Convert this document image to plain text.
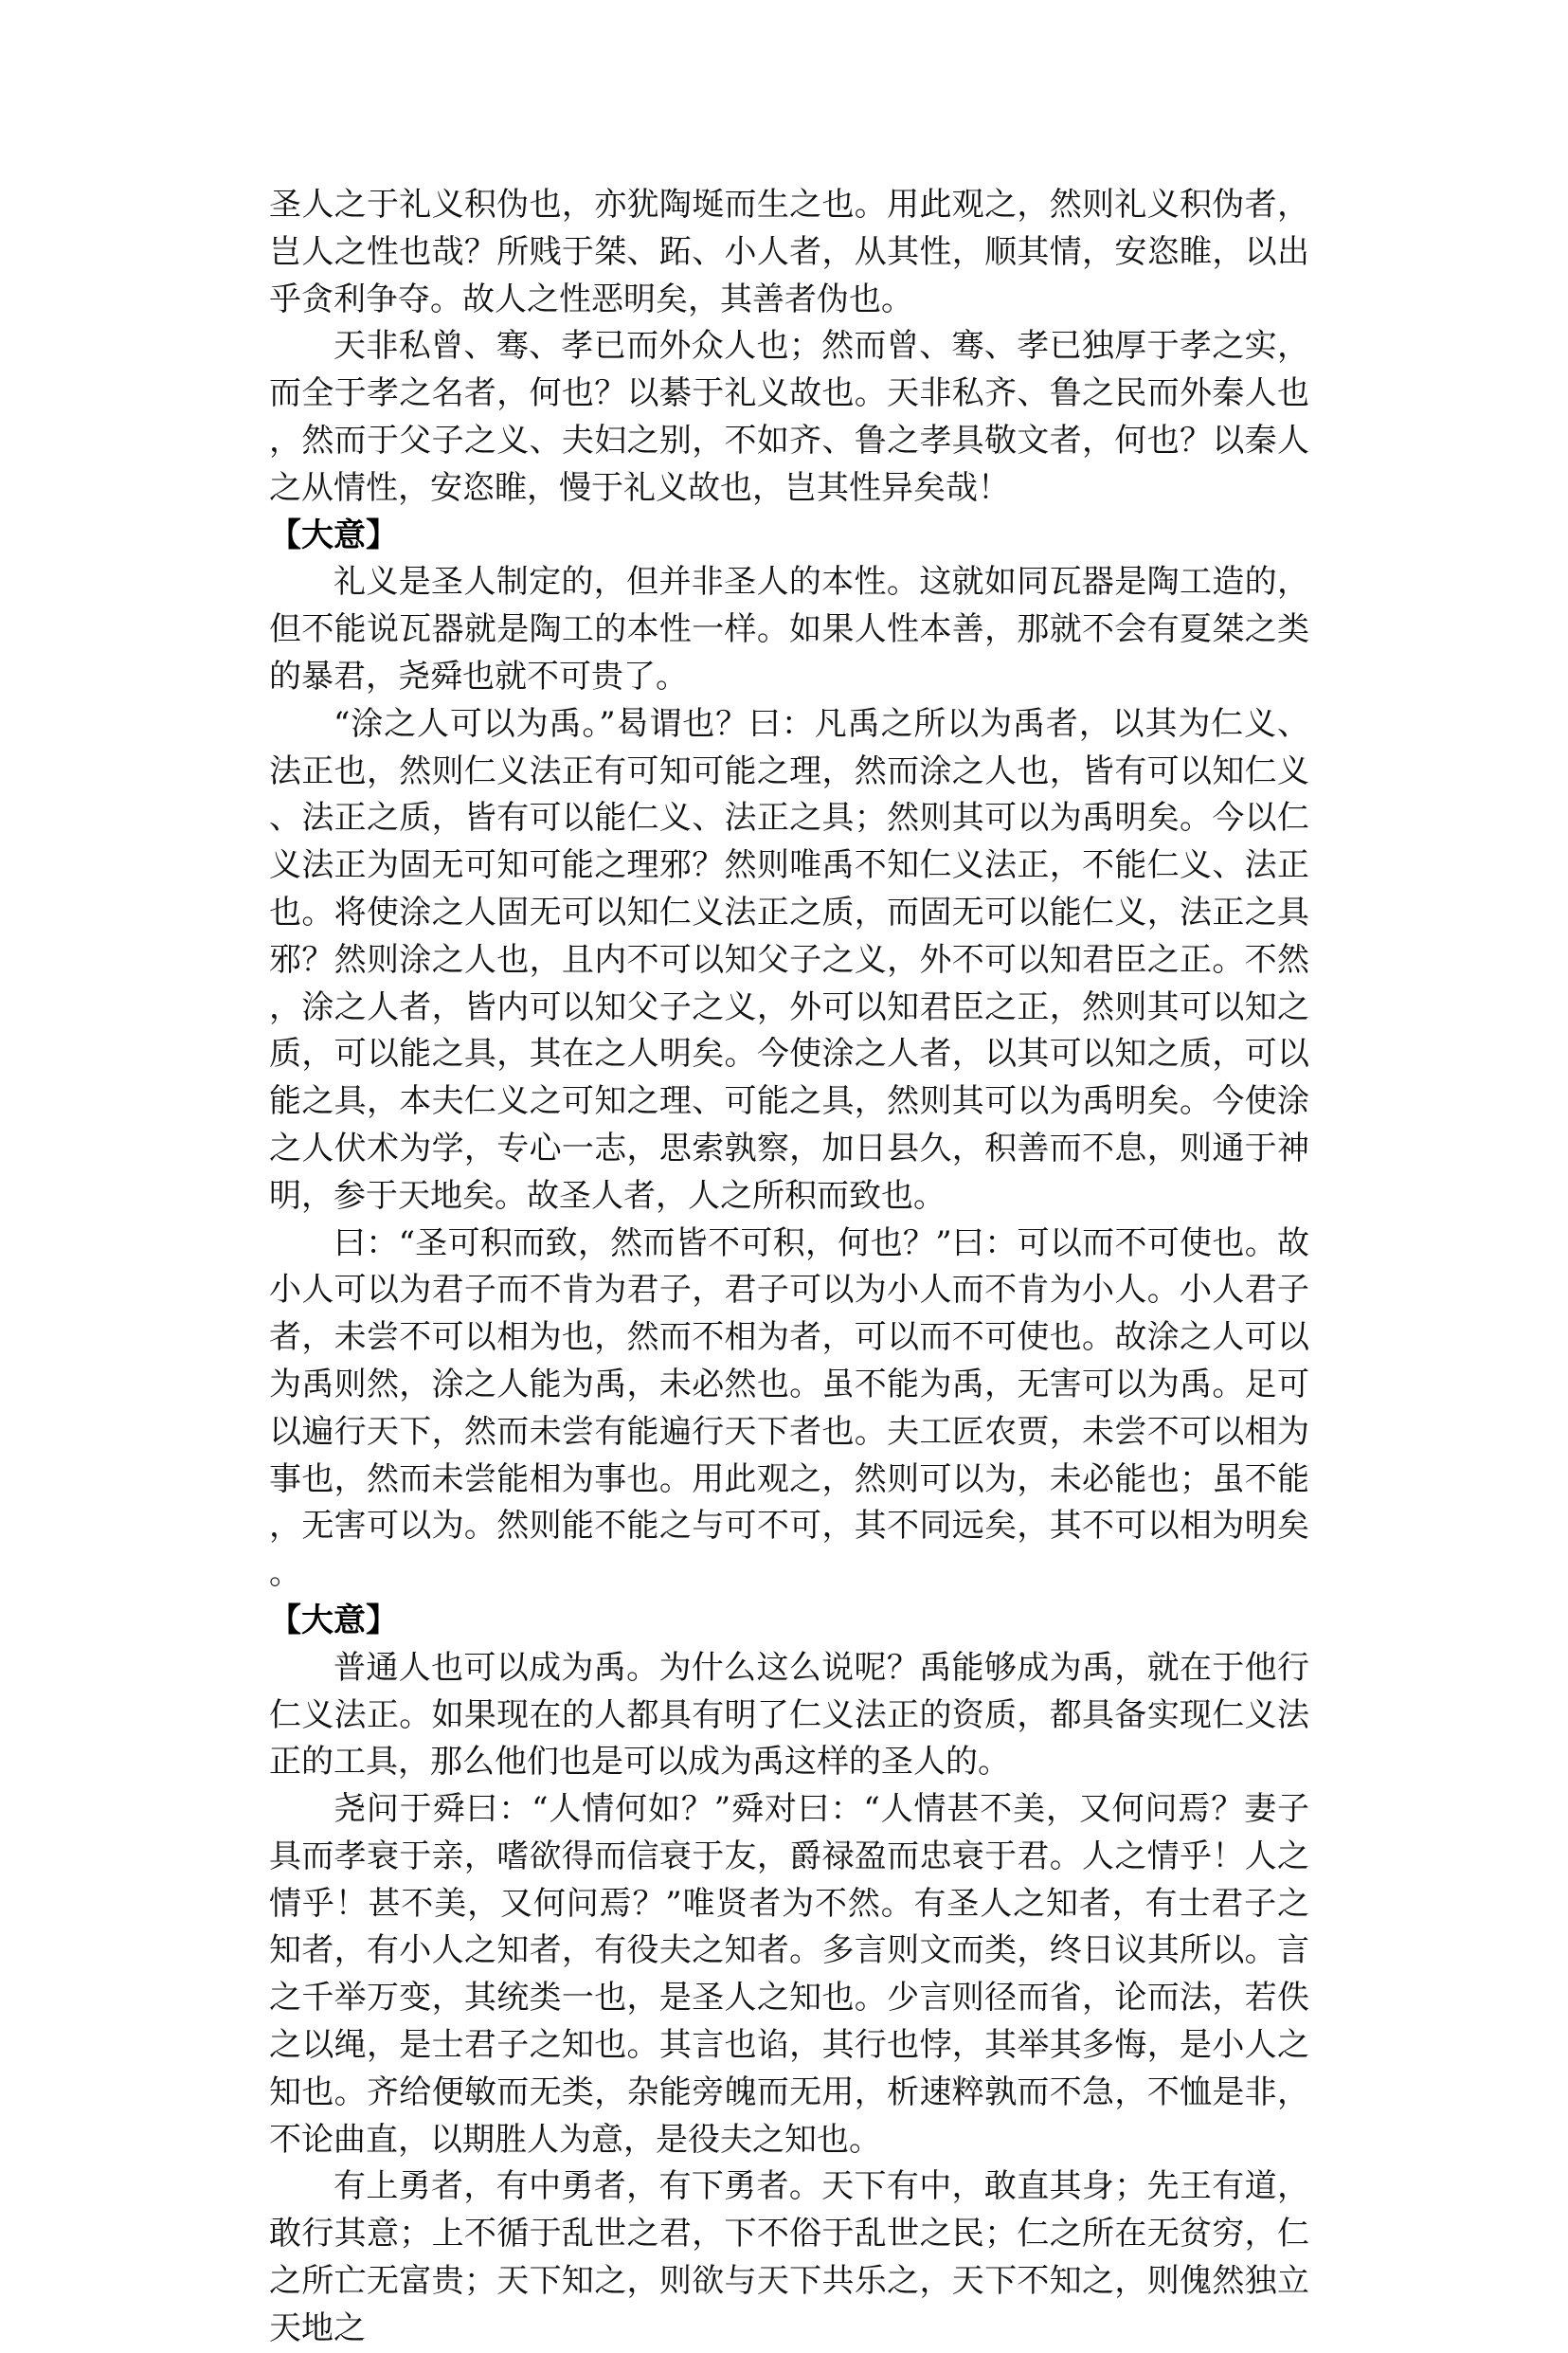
圣人之于礼义积伪也，亦犹陶埏而生之也。用此观之，然则礼义积伪者，岂人之性也哉？所贱于桀、跖、小人者，从其性，顺其情，安恣睢，以出乎贪利争夺。故人之性恶明矣，其善者伪也。

天非私曾、骞、孝已而外众人也；然而曾、骞、孝已独厚于孝之实，而全于孝之名者，何也？以綦于礼义故也。天非私齐、鲁之民而外秦人也，然而于父子之义、夫妇之别，不如齐、鲁之孝具敬文者，何也？以秦人之从情性，安恣睢，慢于礼义故也，岂其性异矣哉！

【大意】

礼义是圣人制定的，但并非圣人的本性。这就如同瓦器是陶工造的，但不能说瓦器就是陶工的本性一样。如果人性本善，那就不会有夏桀之类的暴君，尧舜也就不可贵了。

“涂之人可以为禹。”曷谓也？曰：凡禹之所以为禹者，以其为仁义、法正也，然则仁义法正有可知可能之理，然而涂之人也，皆有可以知仁义、法正之质，皆有可以能仁义、法正之具；然则其可以为禹明矣。今以仁义法正为固无可知可能之理邪？然则唯禹不知仁义法正，不能仁义、法正也。将使涂之人固无可以知仁义法正之质，而固无可以能仁义，法正之具邪？然则涂之人也，且内不可以知父子之义，外不可以知君臣之正。不然，涂之人者，皆内可以知父子之义，外可以知君臣之正，然则其可以知之质，可以能之具，其在之人明矣。今使涂之人者，以其可以知之质，可以能之具，本夫仁义之可知之理、可能之具，然则其可以为禹明矣。今使涂之人伏术为学，专心一志，思索孰察，加日县久，积善而不息，则通于神明，参于天地矣。故圣人者，人之所积而致也。

曰：“圣可积而致，然而皆不可积，何也？”曰：可以而不可使也。故小人可以为君子而不肯为君子，君子可以为小人而不肯为小人。小人君子者，未尝不可以相为也，然而不相为者，可以而不可使也。故涂之人可以为禹则然，涂之人能为禹，未必然也。虽不能为禹，无害可以为禹。足可以遍行天下，然而未尝有能遍行天下者也。夫工匠农贾，未尝不可以相为事也，然而未尝能相为事也。用此观之，然则可以为，未必能也；虽不能，无害可以为。然则能不能之与可不可，其不同远矣，其不可以相为明矣。

【大意】

普通人也可以成为禹。为什么这么说呢？禹能够成为禹，就在于他行仁义法正。如果现在的人都具有明了仁义法正的资质，都具备实现仁义法正的工具，那么他们也是可以成为禹这样的圣人的。

尧问于舜曰：“人情何如？”舜对曰：“人情甚不美，又何问焉？妻子具而孝衰于亲，嗜欲得而信衰于友，爵禄盈而忠衰于君。人之情乎！人之情乎！甚不美，又何问焉？”唯贤者为不然。有圣人之知者，有士君子之知者，有小人之知者，有役夫之知者。多言则文而类，终日议其所以。言之千举万变，其统类一也，是圣人之知也。少言则径而省，论而法，若佚之以绳，是士君子之知也。其言也谄，其行也悖，其举其多悔，是小人之知也。齐给便敏而无类，杂能旁魄而无用，析速粹孰而不急，不恤是非，不论曲直，以期胜人为意，是役夫之知也。

有上勇者，有中勇者，有下勇者。天下有中，敢直其身；先王有道，敢行其意；上不循于乱世之君，下不俗于乱世之民；仁之所在无贫穷，仁之所亡无富贵；天下知之，则欲与天下共乐之，天下不知之，则傀然独立天地之
